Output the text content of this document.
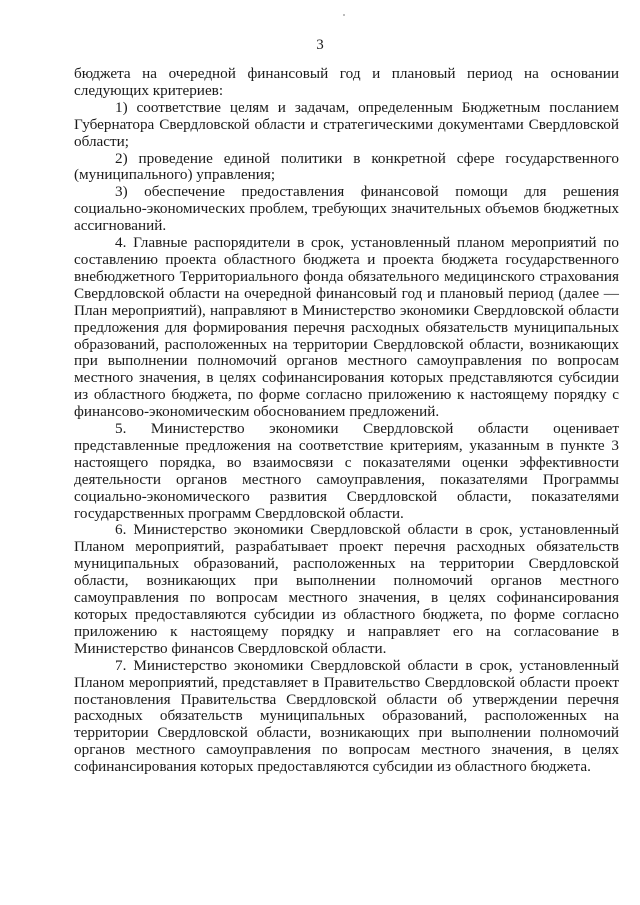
3

бюджета на очередной финансовый год и плановый период на основании следующих критериев:

1) соответствие целям и задачам, определенным Бюджетным посланием Губернатора Свердловской области и стратегическими документами Свердловской области;

2) проведение единой политики в конкретной сфере государственного (муниципального) управления;

3) обеспечение предоставления финансовой помощи для решения социально-экономических проблем, требующих значительных объемов бюджетных ассигнований.

4. Главные распорядители в срок, установленный планом мероприятий по составлению проекта областного бюджета и проекта бюджета государственного внебюджетного Территориального фонда обязательного медицинского страхования Свердловской области на очередной финансовый год и плановый период (далее — План мероприятий), направляют в Министерство экономики Свердловской области предложения для формирования перечня расходных обязательств муниципальных образований, расположенных на территории Свердловской области, возникающих при выполнении полномочий органов местного самоуправления по вопросам местного значения, в целях софинансирования которых представляются субсидии из областного бюджета, по форме согласно приложению к настоящему порядку с финансово-экономическим обоснованием предложений.

5. Министерство экономики Свердловской области оценивает представленные предложения на соответствие критериям, указанным в пункте 3 настоящего порядка, во взаимосвязи с показателями оценки эффективности деятельности органов местного самоуправления, показателями Программы социально-экономического развития Свердловской области, показателями государственных программ Свердловской области.

6. Министерство экономики Свердловской области в срок, установленный Планом мероприятий, разрабатывает проект перечня расходных обязательств муниципальных образований, расположенных на территории Свердловской области, возникающих при выполнении полномочий органов местного самоуправления по вопросам местного значения, в целях софинансирования которых предоставляются субсидии из областного бюджета, по форме согласно приложению к настоящему порядку и направляет его на согласование в Министерство финансов Свердловской области.

7. Министерство экономики Свердловской области в срок, установленный Планом мероприятий, представляет в Правительство Свердловской области проект постановления Правительства Свердловской области об утверждении перечня расходных обязательств муниципальных образований, расположенных на территории Свердловской области, возникающих при выполнении полномочий органов местного самоуправления по вопросам местного значения, в целях софинансирования которых предоставляются субсидии из областного бюджета.
